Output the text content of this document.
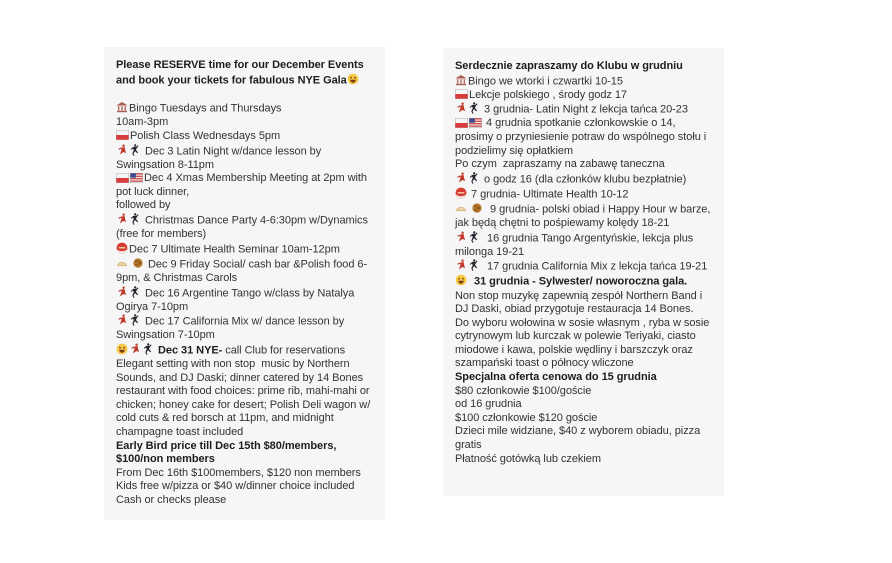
Please RESERVE time for our December Events and book your tickets for fabulous NYE Gala

Bingo Tuesdays and Thursdays
10am-3pm
Polish Class Wednesdays 5pm
Dec 3 Latin Night w/dance lesson by Swingsation 8-11pm
Dec 4 Xmas Membership Meeting at 2pm with pot luck dinner,
followed by
Christmas Dance Party 4-6:30pm w/Dynamics (free for members)
Dec 7 Ultimate Health Seminar 10am-12pm
Dec 9 Friday Social/ cash bar &Polish food 6-9pm, & Christmas Carols
Dec 16 Argentine Tango w/class by Natalya Ogirya 7-10pm
Dec 17 California Mix w/ dance lesson by Swingsation 7-10pm
Dec 31 NYE- call Club for reservations
Elegant setting with non stop  music by Northern Sounds, and DJ Daski; dinner catered by 14 Bones restaurant with food choices: prime rib, mahi-mahi or chicken; honey cake for desert; Polish Deli wagon w/ cold cuts & red borsch at 11pm, and midnight champagne toast included
Early Bird price till Dec 15th $80/members, $100/non members
From Dec 16th $100members, $120 non members
Kids free w/pizza or $40 w/dinner choice included
Cash or checks please
Serdecznie zapraszamy do Klubu w grudniu
Bingo we wtorki i czwartki 10-15
Lekcje polskiego , środy godz 17
3 grudnia- Latin Night z lekcja tańca 20-23
4 grudnia spotkanie członkowskie o 14, prosimy o przyniesienie potraw do wspólnego stołu i podzielimy się opłatkiem
Po czym  zapraszamy na zabawę taneczna
o godz 16 (dla członków klubu bezpłatnie)
7 grudnia- Ultimate Health 10-12
9 grudnia- polski obiad i Happy Hour w barze, jak będą chętni to pośpiewamy kolędy 18-21
16 grudnia Tango Argentyńskie, lekcja plus milonga 19-21
17 grudnia California Mix z lekcja tańca 19-21
31 grudnia - Sylwester/ noworoczna gala.
Non stop muzykę zapewnią zespół Northern Band i DJ Daski, obiad przygotuje restauracja 14 Bones.
Do wyboru wołowina w sosie własnym , ryba w sosie cytrynowym lub kurczak w polewie Teriyaki, ciasto miodowe i kawa, polskie wędliny i barszczyk oraz szampański toast o północy wliczone
Specjalna oferta cenowa do 15 grudnia
$80 członkowie $100/goście
od 16 grudnia
$100 członkowie $120 goście
Dzieci mile widziane, $40 z wyborem obiadu, pizza gratis
Płatność gotówką lub czekiem
